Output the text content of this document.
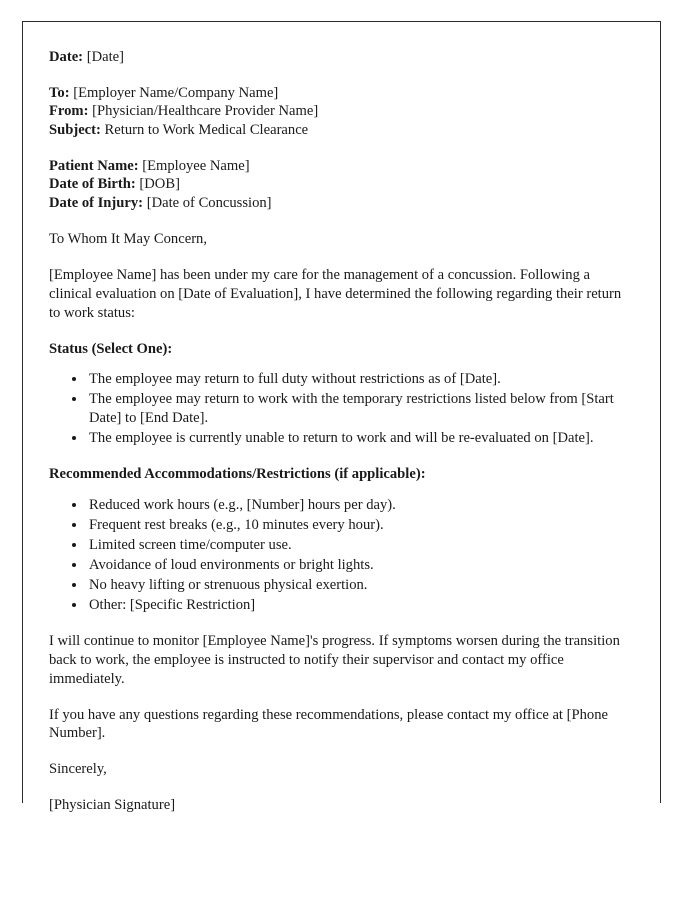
Date: [Date]
To: [Employer Name/Company Name]
From: [Physician/Healthcare Provider Name]
Subject: Return to Work Medical Clearance
Patient Name: [Employee Name]
Date of Birth: [DOB]
Date of Injury: [Date of Concussion]

To Whom It May Concern,

[Employee Name] has been under my care for the management of a concussion. Following a clinical evaluation on [Date of Evaluation], I have determined the following regarding their return to work status:

Status (Select One):
• The employee may return to full duty without restrictions as of [Date].
• The employee may return to work with the temporary restrictions listed below from [Start Date] to [End Date].
• The employee is currently unable to return to work and will be re-evaluated on [Date].
Recommended Accommodations/Restrictions (if applicable):
• Reduced work hours (e.g., [Number] hours per day).
• Frequent rest breaks (e.g., 10 minutes every hour).
• Limited screen time/computer use.
• Avoidance of loud environments or bright lights.
• No heavy lifting or strenuous physical exertion.
• Other: [Specific Restriction]

I will continue to monitor [Employee Name]'s progress. If symptoms worsen during the transition back to work, the employee is instructed to notify their supervisor and contact my office immediately.

If you have any questions regarding these recommendations, please contact my office at [Phone Number].

Sincerely,

[Physician Signature]
